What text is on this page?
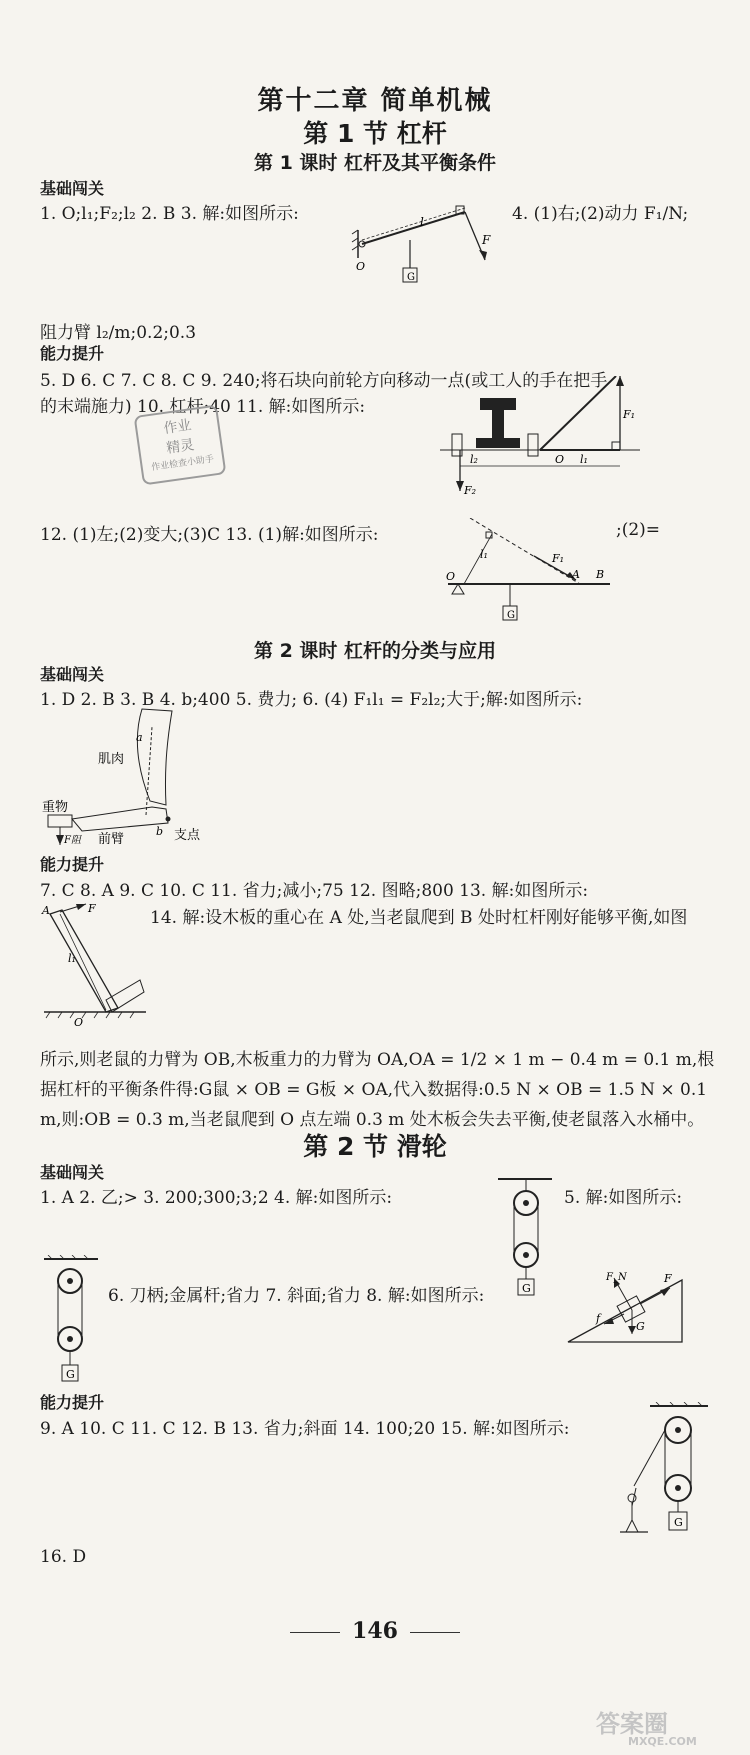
第十二章 简单机械
第 1 节 杠杆
第 1 课时 杠杆及其平衡条件
基础闯关
1. O;l₁;F₂;l₂ 2. B 3. 解:如图所示:	4. (1)右;(2)动力 F₁/N;
G
l
F
O
阻力臂 l₂/m;0.2;0.3
能力提升
5. D 6. C 7. C 8. C 9. 240;将石块向前轮方向移动一点(或工人的手在把手
的末端施力) 10. 杠杆;40 11. 解:如图所示:
作业
精灵
作业检查小助手
F₁
F₂
l₂	O l₁
12. (1)左;(2)变大;(3)C 13. (1)解:如图所示:	;(2)=
G
O
l₁	F₁
A B
第 2 课时 杠杆的分类与应用
基础闯关
1. D 2. B 3. B 4. b;400 5. 费力; 6. (4) F₁l₁ = F₂l₂;大于;解:如图所示:
肌肉
重物
前臂	支点
F阻
a
b
能力提升
7. C 8. A 9. C 10. C 11. 省力;减小;75 12. 图略;800 13. 解:如图所示:
14. 解:设木板的重心在 A 处,当老鼠爬到 B 处时杠杆刚好能够平衡,如图
A	F
l₁
O
所示,则老鼠的力臂为 OB,木板重力的力臂为 OA,OA = 1/2 × 1 m − 0.4 m = 0.1 m,根据杠杆的平衡条件得:G鼠 × OB = G板 × OA,代入数据得:0.5 N × OB = 1.5 N × 0.1 m,则:OB = 0.3 m,当老鼠爬到 O 点左端 0.3 m 处木板会失去平衡,使老鼠落入水桶中。
第 2 节 滑轮
基础闯关
1. A 2. 乙;> 3. 200;300;3;2 4. 解:如图所示:	5. 解:如图所示:
G
G
6. 刀柄;金属杆;省力 7. 斜面;省力 8. 解:如图所示:
G
F_N	F
f
能力提升
9. A 10. C 11. C 12. B 13. 省力;斜面 14. 100;20 15. 解:如图所示:
G
16. D
146
答案圈
MXQE.COM
